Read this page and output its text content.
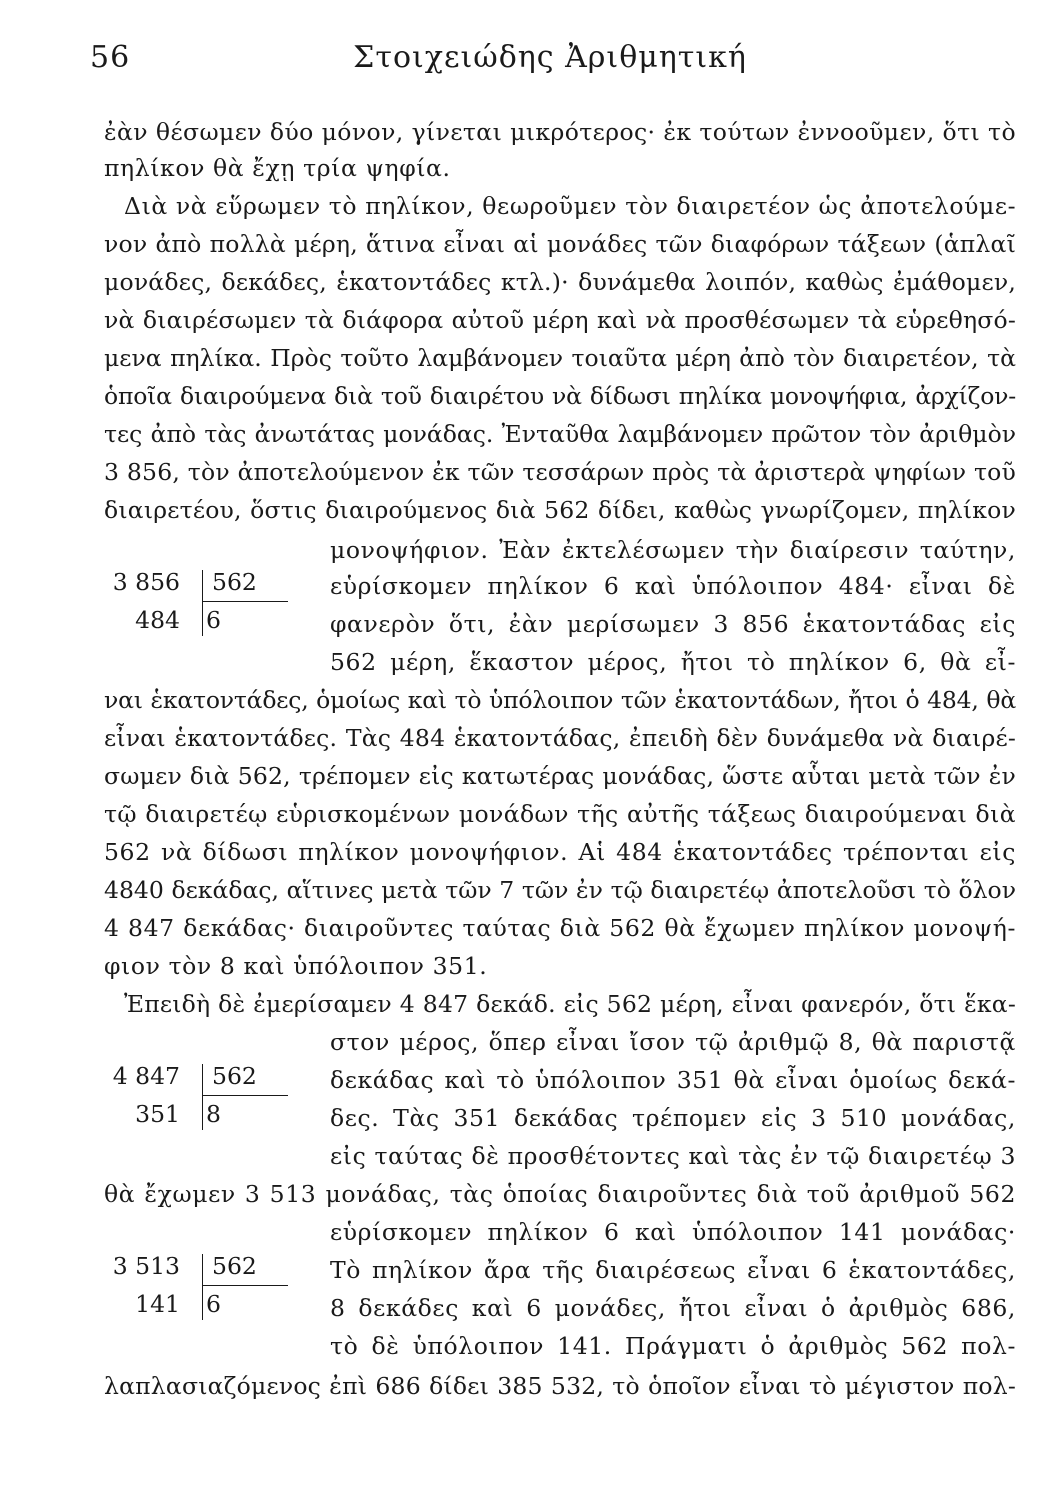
56	Στοιχειώδης Ἀριθμητική
ἐὰν θέσωμεν δύο μόνον, γίνεται μικρότερος· ἐκ τούτων ἐννοοῦμεν, ὅτι τὸ
πηλίκον θὰ ἔχῃ τρία ψηφία.
Διὰ νὰ εὕρωμεν τὸ πηλίκον, θεωροῦμεν τὸν διαιρετέον ὡς ἀποτελούμε-
νον ἀπὸ πολλὰ μέρη, ἅτινα εἶναι αἱ μονάδες τῶν διαφόρων τάξεων (ἁπλαῖ
μονάδες, δεκάδες, ἑκατοντάδες κτλ.)· δυνάμεθα λοιπόν, καθὼς ἐμάθομεν,
νὰ διαιρέσωμεν τὰ διάφορα αὐτοῦ μέρη καὶ νὰ προσθέσωμεν τὰ εὑρεθησό-
μενα πηλίκα. Πρὸς τοῦτο λαμβάνομεν τοιαῦτα μέρη ἀπὸ τὸν διαιρετέον, τὰ
ὁποῖα διαιρούμενα διὰ τοῦ διαιρέτου νὰ δίδωσι πηλίκα μονοψήφια, ἀρχίζον-
τες ἀπὸ τὰς ἀνωτάτας μονάδας. Ἐνταῦθα λαμβάνομεν πρῶτον τὸν ἀριθμὸν
3 856, τὸν ἀποτελούμενον ἐκ τῶν τεσσάρων πρὸς τὰ ἀριστερὰ ψηφίων τοῦ
διαιρετέου, ὅστις διαιρούμενος διὰ 562 δίδει, καθὼς γνωρίζομεν, πηλίκον
μονοψήφιον. Ἐὰν ἐκτελέσωμεν τὴν διαίρεσιν ταύτην,
εὑρίσκομεν πηλίκον 6 καὶ ὑπόλοιπον 484· εἶναι δὲ
φανερὸν ὅτι, ἐὰν μερίσωμεν 3 856 ἑκατοντάδας εἰς
562 μέρη, ἕκαστον μέρος, ἤτοι τὸ πηλίκον 6, θὰ εἶ-
3 856 562
484 6
ναι ἑκατοντάδες, ὁμοίως καὶ τὸ ὑπόλοιπον τῶν ἑκατοντάδων, ἤτοι ὁ 484, θὰ
εἶναι ἑκατοντάδες. Τὰς 484 ἑκατοντάδας, ἐπειδὴ δὲν δυνάμεθα νὰ διαιρέ-
σωμεν διὰ 562, τρέπομεν εἰς κατωτέρας μονάδας, ὥστε αὗται μετὰ τῶν ἐν
τῷ διαιρετέῳ εὑρισκομένων μονάδων τῆς αὐτῆς τάξεως διαιρούμεναι διὰ
562 νὰ δίδωσι πηλίκον μονοψήφιον. Αἱ 484 ἑκατοντάδες τρέπονται εἰς
4840 δεκάδας, αἵτινες μετὰ τῶν 7 τῶν ἐν τῷ διαιρετέῳ ἀποτελοῦσι τὸ ὅλον
4 847 δεκάδας· διαιροῦντες ταύτας διὰ 562 θὰ ἔχωμεν πηλίκον μονοψή-
φιον τὸν 8 καὶ ὑπόλοιπον 351.
Ἐπειδὴ δὲ ἐμερίσαμεν 4 847 δεκάδ. εἰς 562 μέρη, εἶναι φανερόν, ὅτι ἕκα-
στον μέρος, ὅπερ εἶναι ἴσον τῷ ἀριθμῷ 8, θὰ παριστᾷ
δεκάδας καὶ τὸ ὑπόλοιπον 351 θὰ εἶναι ὁμοίως δεκά-
δες. Τὰς 351 δεκάδας τρέπομεν εἰς 3 510 μονάδας,
εἰς ταύτας δὲ προσθέτοντες καὶ τὰς ἐν τῷ διαιρετέῳ 3
4 847 562
351 8
θὰ ἔχωμεν 3 513 μονάδας, τὰς ὁποίας διαιροῦντες διὰ τοῦ ἀριθμοῦ 562
εὑρίσκομεν πηλίκον 6 καὶ ὑπόλοιπον 141 μονάδας·
Τὸ πηλίκον ἄρα τῆς διαιρέσεως εἶναι 6 ἑκατοντάδες,
8 δεκάδες καὶ 6 μονάδες, ἤτοι εἶναι ὁ ἀριθμὸς 686,
τὸ δὲ ὑπόλοιπον 141. Πράγματι ὁ ἀριθμὸς 562 πολ-
3 513 562
141 6
λαπλασιαζόμενος ἐπὶ 686 δίδει 385 532, τὸ ὁποῖον εἶναι τὸ μέγιστον πολ-
